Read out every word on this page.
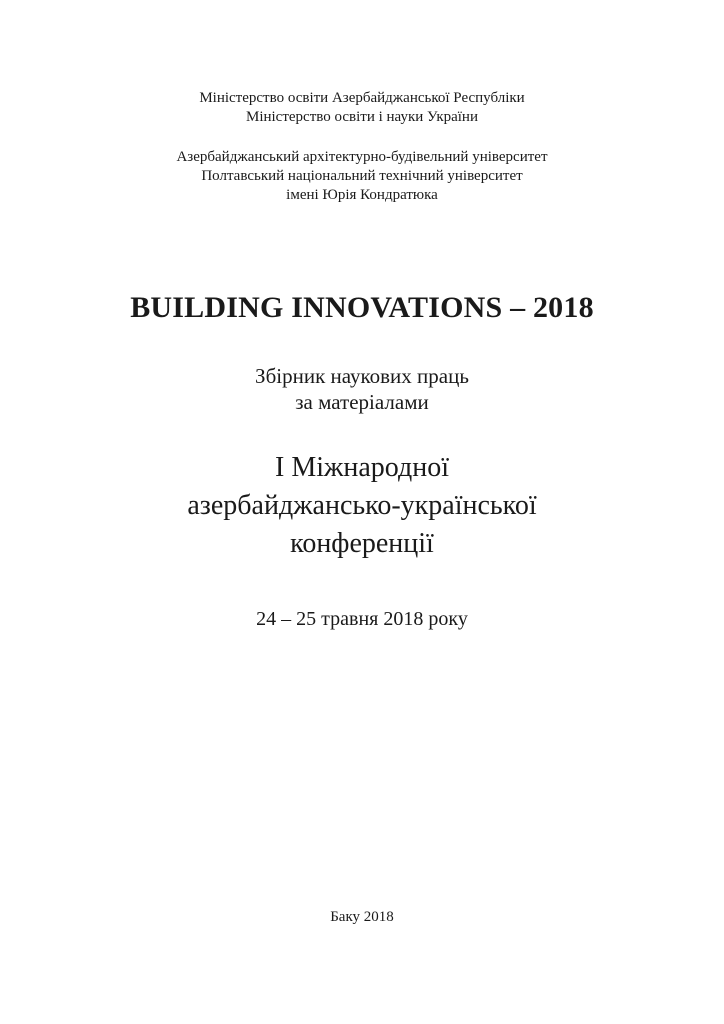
Міністерство освіти Азербайджанської Республіки
Міністерство освіти і науки України
Азербайджанський архітектурно-будівельний університет
Полтавський національний технічний університет
імені Юрія Кондратюка
BUILDING INNOVATIONS – 2018
Збірник наукових праць
за матеріалами
І Міжнародної
азербайджансько-української
конференції
24 – 25 травня 2018 року
Баку 2018
